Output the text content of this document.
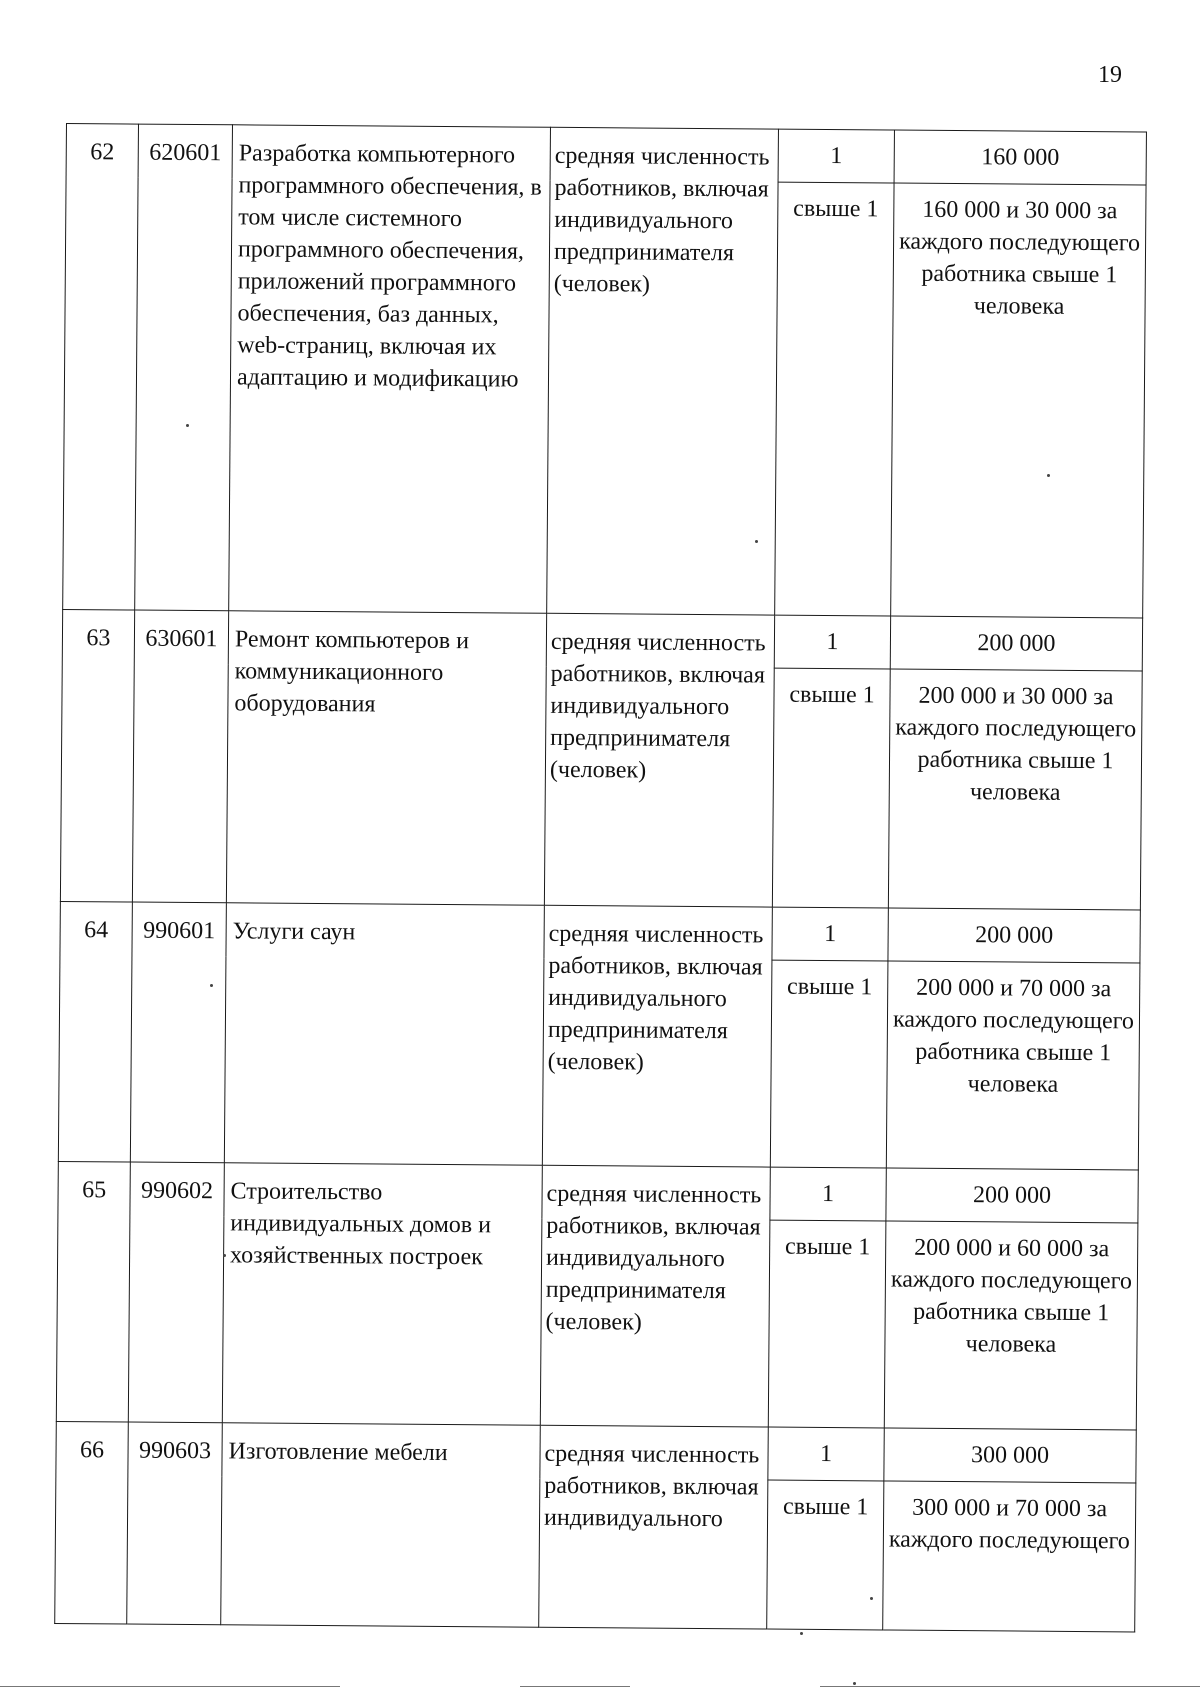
19
62	620601	Разработка компьютерного программного обеспечения, в том числе системного программного обеспечения, приложений программного обеспечения, баз данных, web-страниц, включая их адаптацию и модификацию	средняя численность работников, включая индивидуального предпринимателя (человек)	1	160 000
				свыше 1	160 000 и 30 000 за каждого последующего работника свыше 1 человека
63	630601	Ремонт компьютеров и коммуникационного оборудования	средняя численность работников, включая индивидуального предпринимателя (человек)	1	200 000
				свыше 1	200 000 и 30 000 за каждого последующего работника свыше 1 человека
64	990601	Услуги саун	средняя численность работников, включая индивидуального предпринимателя (человек)	1	200 000
				свыше 1	200 000 и 70 000 за каждого последующего работника свыше 1 человека
65	990602	Строительство индивидуальных домов и хозяйственных построек	средняя численность работников, включая индивидуального предпринимателя (человек)	1	200 000
				свыше 1	200 000 и 60 000 за каждого последующего работника свыше 1 человека
66	990603	Изготовление мебели	средняя численность работников, включая индивидуального	1	300 000
				свыше 1	300 000 и 70 000 за каждого последующего
